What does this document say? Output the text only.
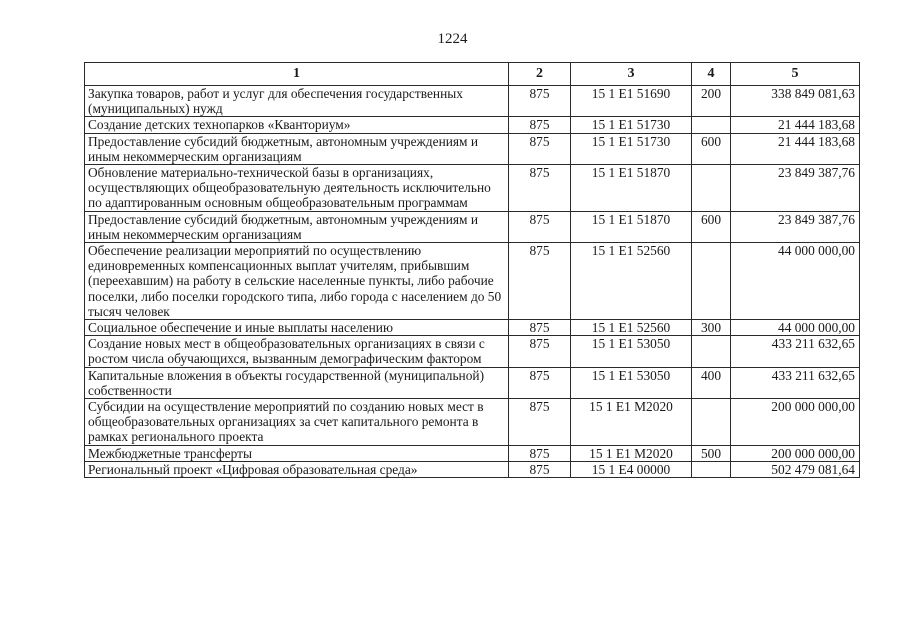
1224
1	2	3	4	5
Закупка товаров, работ и услуг для обеспечения государственных (муниципальных) нужд	875	15 1 E1 51690	200	338 849 081,63
Создание детских технопарков «Кванториум»	875	15 1 E1 51730		21 444 183,68
Предоставление субсидий бюджетным, автономным учреждениям и иным некоммерческим организациям	875	15 1 E1 51730	600	21 444 183,68
Обновление материально-технической базы в организациях, осуществляющих общеобразовательную деятельность исключительно по адаптированным основным общеобразовательным программам	875	15 1 E1 51870		23 849 387,76
Предоставление субсидий бюджетным, автономным учреждениям и иным некоммерческим организациям	875	15 1 E1 51870	600	23 849 387,76
Обеспечение реализации мероприятий по осуществлению единовременных компенсационных выплат учителям, прибывшим (переехавшим) на работу в сельские населенные пункты, либо рабочие поселки, либо поселки городского типа, либо города с населением до 50 тысяч человек	875	15 1 E1 52560		44 000 000,00
Социальное обеспечение и иные выплаты населению	875	15 1 E1 52560	300	44 000 000,00
Создание новых мест в общеобразовательных организациях в связи с ростом числа обучающихся, вызванным демографическим фактором	875	15 1 E1 53050		433 211 632,65
Капитальные вложения в объекты государственной (муниципальной) собственности	875	15 1 E1 53050	400	433 211 632,65
Субсидии на осуществление мероприятий по созданию новых мест в общеобразовательных организациях за счет капитального ремонта в рамках регионального проекта	875	15 1 E1 M2020		200 000 000,00
Межбюджетные трансферты	875	15 1 E1 M2020	500	200 000 000,00
Региональный проект «Цифровая образовательная среда»	875	15 1 E4 00000		502 479 081,64
